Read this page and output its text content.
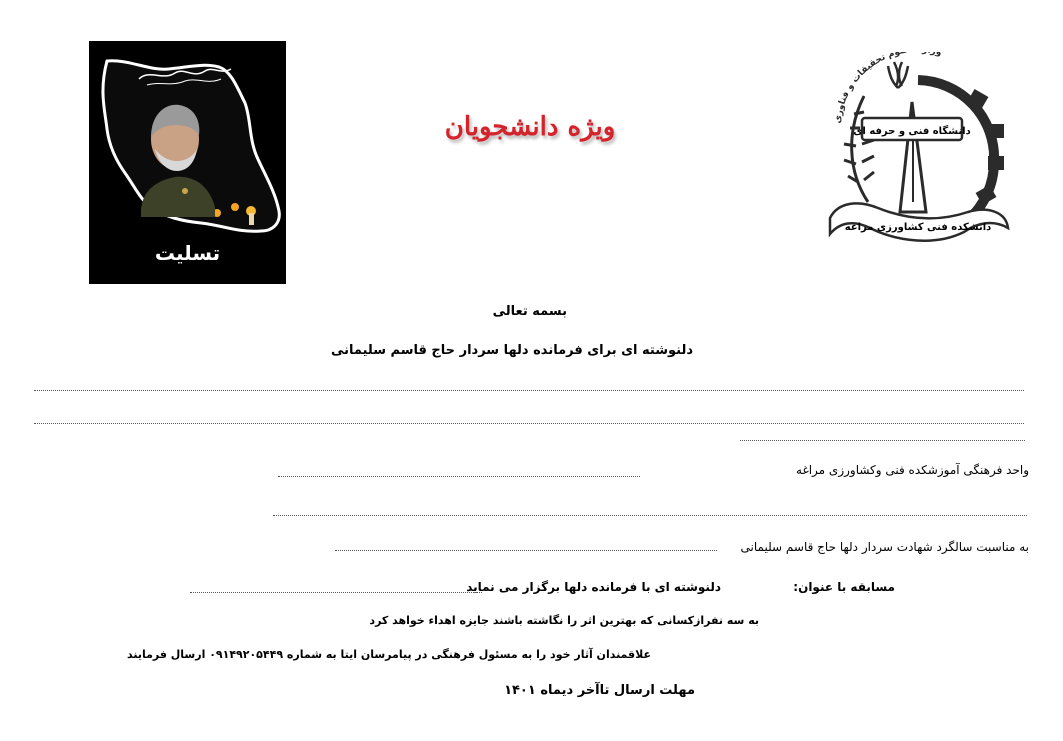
تسلیت
ویژه دانشجویان	دانشگاه فنی و حرفه ای
دانشکده فنی کشاورزی مراغه
و وم تحقیقات و فناوری
بسمه تعالی
دلنوشته ای برای فرمانده دلها سردار حاج قاسم سلیمانی
واحد فرهنگی آموزشکده فنی وکشاورزی مراغه
به مناسبت سالگرد شهادت سردار دلها حاج قاسم سلیمانی
مسابقه با عنوان:
دلنوشته ای با فرمانده دلها برگزار می نماید
به سه نفرازکسانی که بهترین اثر را نگاشته باشند جایزه اهداء خواهد کرد
علاقمندان آثار خود را به مسئول فرهنگی در پیامرسان ایتا به شماره ۰۹۱۴۹۲۰۵۴۴۹ ارسال فرمایند
مهلت ارسال تاآخر دیماه ۱۴۰۱
